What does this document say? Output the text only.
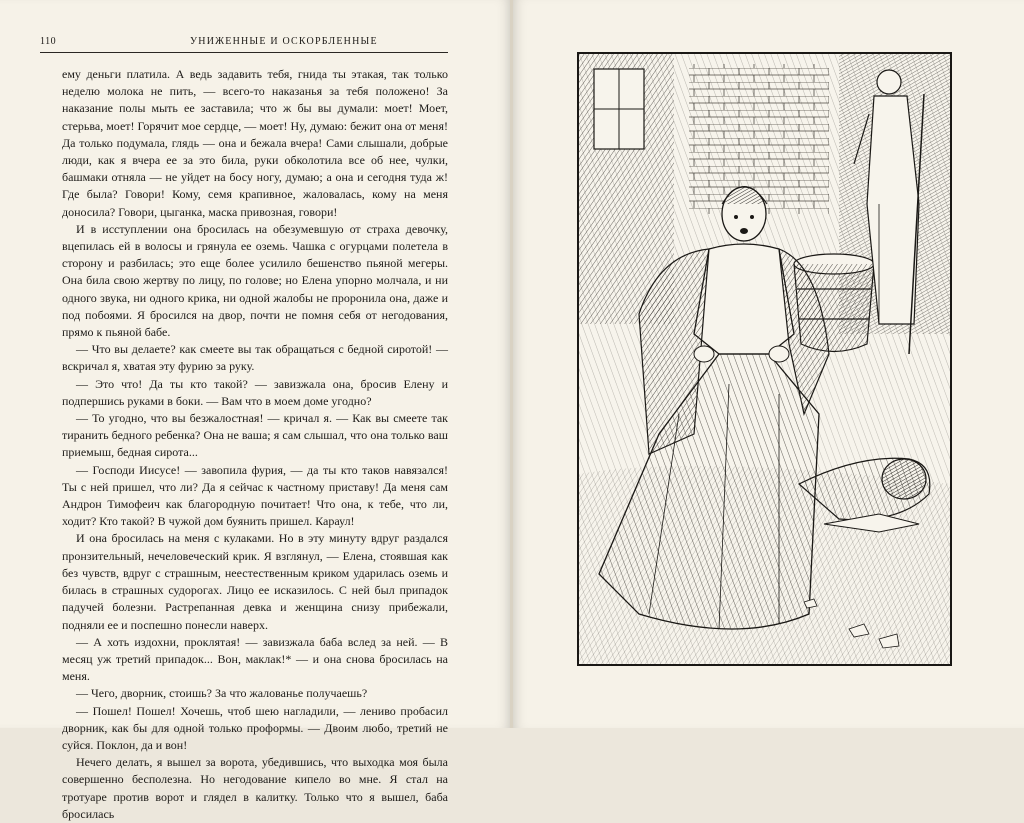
110	УНИЖЕННЫЕ И ОСКОРБЛЕННЫЕ

ему деньги платила. А ведь задавить тебя, гнида ты этакая, так только неделю молока не пить, — всего-то наказанья за тебя положено! За наказание полы мыть ее заставила; что ж бы вы думали: моет! Моет, стерьва, моет! Горячит мое сердце, — моет! Ну, думаю: бежит она от меня! Да только подумала, глядь — она и бежала вчера! Сами слышали, добрые люди, как я вчера ее за это била, руки обколотила все об нее, чулки, башмаки отняла — не уйдет на босу ногу, думаю; а она и сегодня туда ж! Где была? Говори! Кому, семя крапивное, жаловалась, кому на меня доносила? Говори, цыганка, маска привозная, говори!

И в исступлении она бросилась на обезумевшую от страха девочку, вцепилась ей в волосы и грянула ее оземь. Чашка с огурцами полетела в сторону и разбилась; это еще более усилило бешенство пьяной мегеры. Она била свою жертву по лицу, по голове; но Елена упорно молчала, и ни одного звука, ни одного крика, ни одной жалобы не проронила она, даже и под побоями. Я бросился на двор, почти не помня себя от негодования, прямо к пьяной бабе.

— Что вы делаете? как смеете вы так обращаться с бедной сиротой! — вскричал я, хватая эту фурию за руку.

— Это что! Да ты кто такой? — завизжала она, бросив Елену и подпершись руками в боки. — Вам что в моем доме угодно?

— То угодно, что вы безжалостная! — кричал я. — Как вы смеете так тиранить бедного ребенка? Она не ваша; я сам слышал, что она только ваш приемыш, бедная сирота...

— Господи Иисусе! — завопила фурия, — да ты кто таков навязался! Ты с ней пришел, что ли? Да я сейчас к частному приставу! Да меня сам Андрон Тимофеич как благородную почитает! Что она, к тебе, что ли, ходит? Кто такой? В чужой дом буянить пришел. Караул!

И она бросилась на меня с кулаками. Но в эту минуту вдруг раздался пронзительный, нечеловеческий крик. Я взглянул, — Елена, стоявшая как без чувств, вдруг с страшным, неестественным криком ударилась оземь и билась в страшных судорогах. Лицо ее исказилось. С ней был припадок падучей болезни. Растрепанная девка и женщина снизу прибежали, подняли ее и поспешно понесли наверх.

— А хоть издохни, проклятая! — завизжала баба вслед за ней. — В месяц уж третий припадок... Вон, маклак!* — и она снова бросилась на меня.

— Чего, дворник, стоишь? За что жалованье получаешь?

— Пошел! Пошел! Хочешь, чтоб шею нагладили, — лениво пробасил дворник, как бы для одной только проформы. — Двоим любо, третий не суйся. Поклон, да и вон!

Нечего делать, я вышел за ворота, убедившись, что выходка моя была совершенно бесполезна. Но негодование кипело во мне. Я стал на тротуаре против ворот и глядел в калитку. Только что я вышел, баба бросилась
